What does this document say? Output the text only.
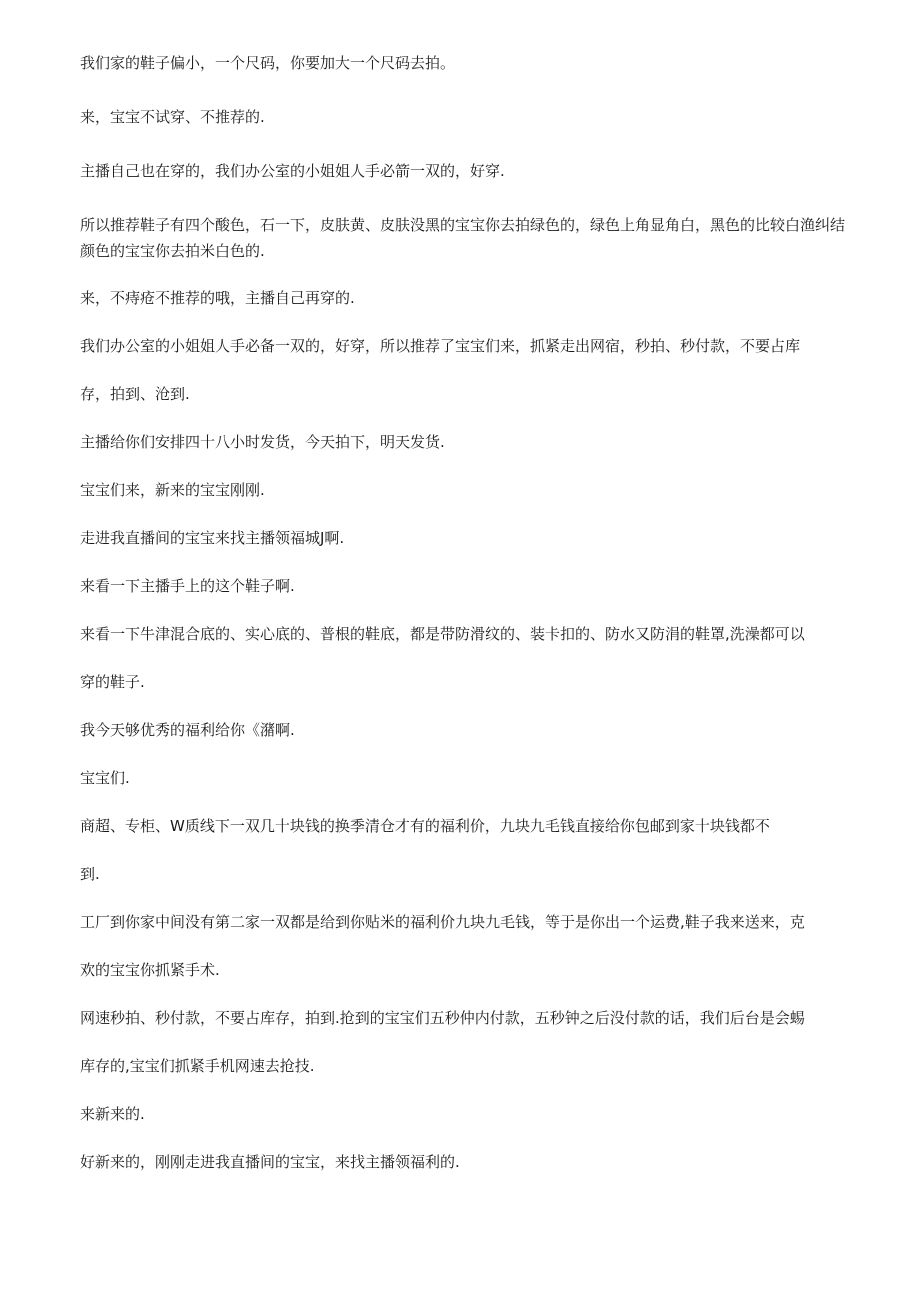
我们家的鞋子偏小，一个尺码，你要加大一个尺码去拍。
来，宝宝不试穿、不推荐的.
主播自己也在穿的，我们办公室的小姐姐人手必箭一双的，好穿.
所以推荐鞋子有四个酸色，石一下，皮肤黄、皮肤没黑的宝宝你去拍绿色的，绿色上角显角白，黑色的比较白渔纠结颜色的宝宝你去拍米白色的.
来，不痔疮不推荐的哦，主播自己再穿的.
我们办公室的小姐姐人手必备一双的，好穿，所以推荐了宝宝们来，抓紧走出网宿，秒拍、秒付款，不要占库
存，拍到、沧到.
主播给你们安排四十八小时发货，今天拍下，明天发货.
宝宝们来，新来的宝宝刚刚.
走进我直播间的宝宝来找主播领福城J啊.
来看一下主播手上的这个鞋子啊.
来看一下牛津混合底的、实心底的、普根的鞋底，都是带防滑纹的、装卡扣的、防水又防涓的鞋罩,洗澡都可以
穿的鞋子.
我今天够优秀的福利给你《潴啊.
宝宝们.
商超、专柜、W质线下一双几十块钱的换季清仓才有的福利价，九块九毛钱直接给你包邮到家十块钱都不
到.
工厂到你家中间没有第二家一双都是给到你贴米的福利价九块九毛钱，等于是你出一个运费,鞋子我来送来，克
欢的宝宝你抓紧手术.
网速秒拍、秒付款，不要占库存，拍到.抢到的宝宝们五秒仲内付款，五秒钟之后没付款的话，我们后台是会蜴
库存的,宝宝们抓紧手机网速去抢技.
来新来的.
好新来的，刚刚走进我直播间的宝宝，来找主播领福利的.
